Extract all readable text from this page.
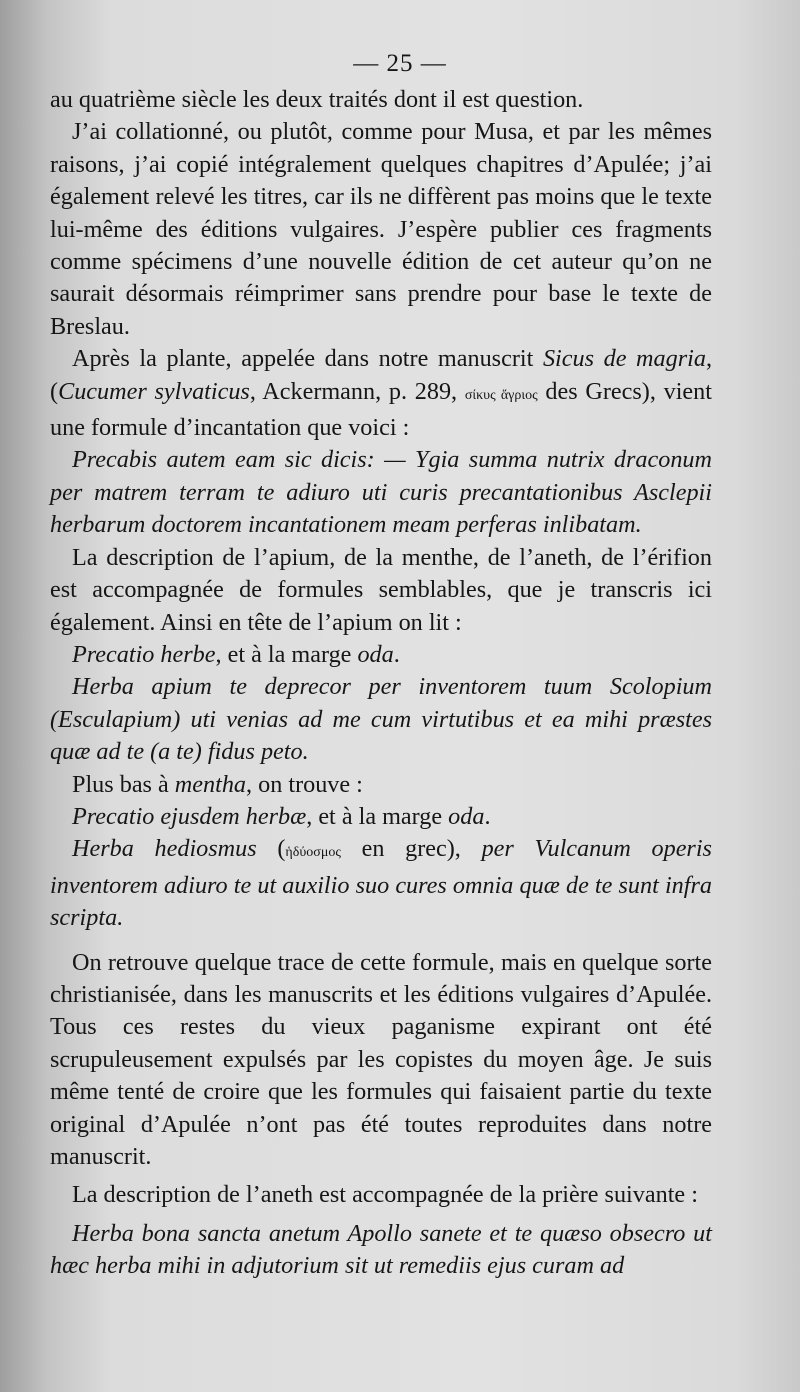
— 25 —

au quatrième siècle les deux traités dont il est question.

J’ai collationné, ou plutôt, comme pour Musa, et par les mêmes raisons, j’ai copié intégralement quelques chapitres d’Apulée; j’ai également relevé les titres, car ils ne diffèrent pas moins que le texte lui-même des éditions vulgaires. J’espère publier ces fragments comme spécimens d’une nouvelle édition de cet auteur qu’on ne saurait désormais réimprimer sans prendre pour base le texte de Breslau.

Après la plante, appelée dans notre manuscrit Sicus de magria, (Cucumer sylvaticus, Ackermann, p. 289, σίκυς ἄγριος des Grecs), vient une formule d’incantation que voici :

Precabis autem eam sic dicis: — Ygia summa nutrix draconum per matrem terram te adiuro uti curis precantationibus Asclepii herbarum doctorem incantationem meam perferas inlibatam.

La description de l’apium, de la menthe, de l’aneth, de l’érifion est accompagnée de formules semblables, que je transcris ici également. Ainsi en tête de l’apium on lit :

Precatio herbe, et à la marge oda.

Herba apium te deprecor per inventorem tuum Scolopium (Esculapium) uti venias ad me cum virtutibus et ea mihi præstes quæ ad te (a te) fidus peto.

Plus bas à mentha, on trouve :

Precatio ejusdem herbæ, et à la marge oda.

Herba hediosmus (ἡδύοσμος en grec), per Vulcanum operis inventorem adiuro te ut auxilio suo cures omnia quæ de te sunt infra scripta.

On retrouve quelque trace de cette formule, mais en quelque sorte christianisée, dans les manuscrits et les éditions vulgaires d’Apulée. Tous ces restes du vieux paganisme expirant ont été scrupuleusement expulsés par les copistes du moyen âge. Je suis même tenté de croire que les formules qui faisaient partie du texte original d’Apulée n’ont pas été toutes reproduites dans notre manuscrit.

La description de l’aneth est accompagnée de la prière suivante :

Herba bona sancta anetum Apollo sanete et te quæso obsecro ut hæc herba mihi in adjutorium sit ut remediis ejus curam ad
